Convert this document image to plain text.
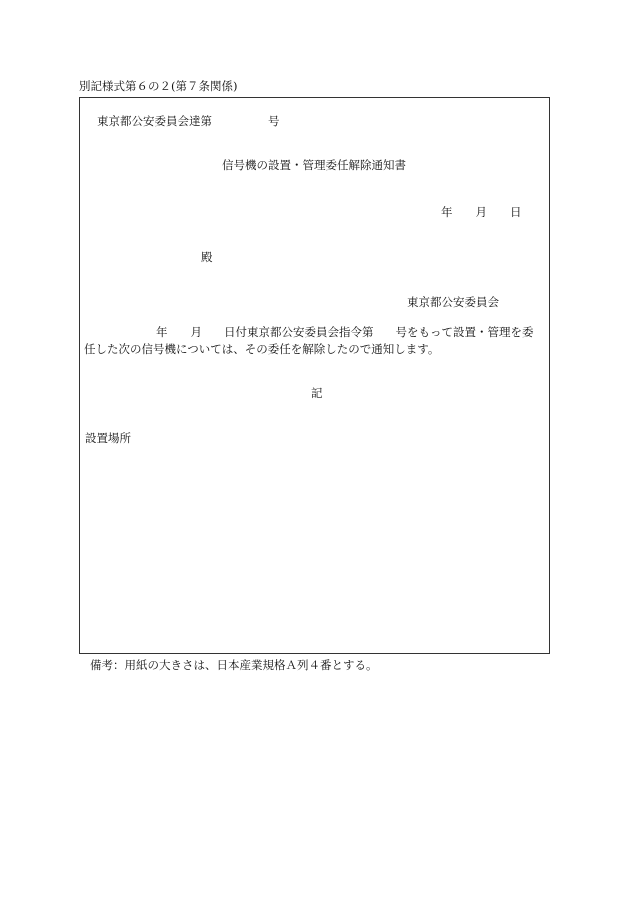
別記様式第６の２(第７条関係)
東京都公安委員会達第	号
信号機の設置・管理委任解除通知書
年 月 日
殿
東京都公安委員会
年 月 日付東京都公安委員会指令第 号をもって設置・管理を委
任した次の信号機については、その委任を解除したので通知します。
記
設置場所
備考：用紙の大きさは、日本産業規格Ａ列４番とする。
